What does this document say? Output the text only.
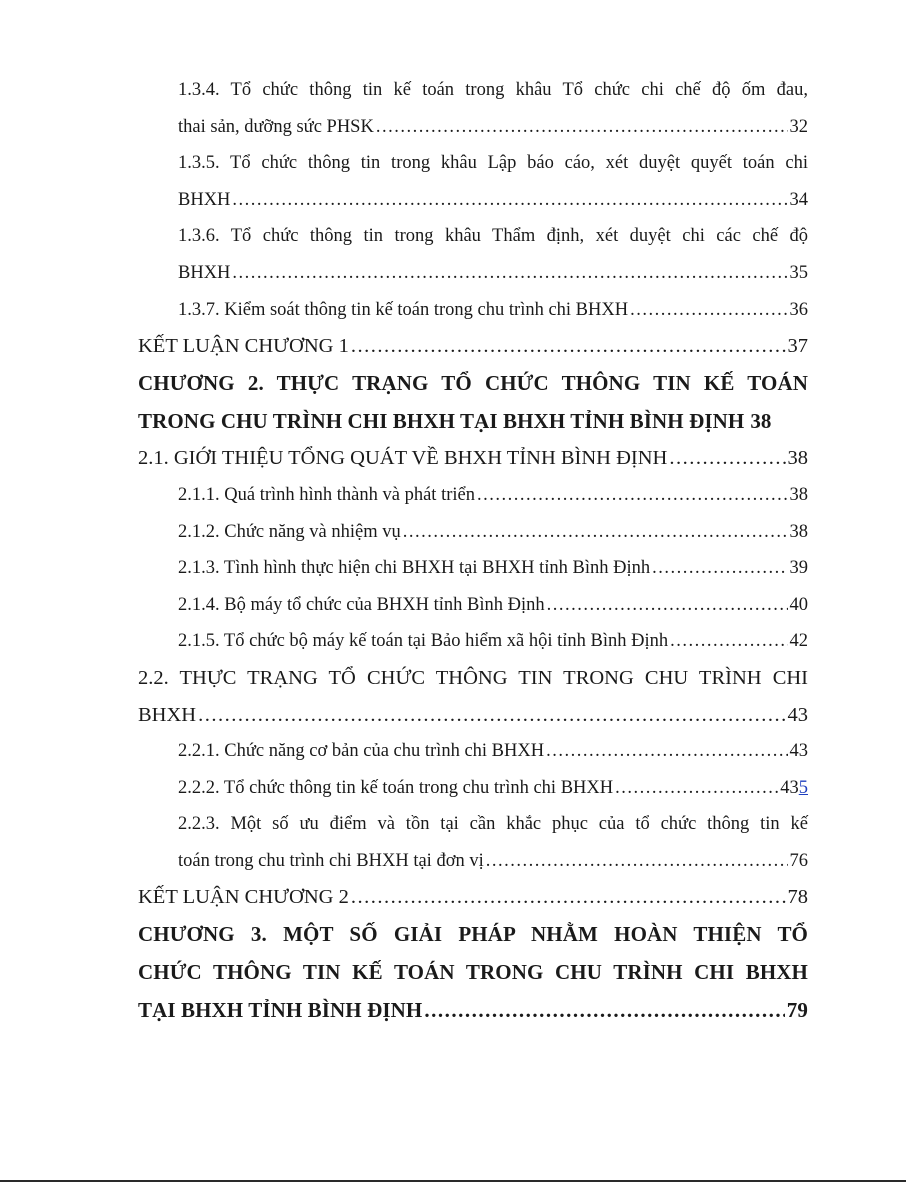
1.3.4. Tổ chức thông tin kế toán trong khâu Tổ chức chi chế độ ốm đau,
thai sản, dưỡng sức PHSK .....	32
1.3.5. Tổ chức thông tin trong khâu Lập báo cáo, xét duyệt quyết toán chi
BHXH .....	34
1.3.6. Tổ chức thông tin trong khâu Thẩm định, xét duyệt chi các chế độ
BHXH .....	35
1.3.7. Kiểm soát thông tin kế toán trong chu trình chi BHXH .....	36
KẾT LUẬN CHƯƠNG 1 .....	37
CHƯƠNG 2. THỰC TRẠNG TỔ CHỨC THÔNG TIN KẾ TOÁN
TRONG CHU TRÌNH CHI BHXH TẠI BHXH TỈNH BÌNH ĐỊNH 38
2.1. GIỚI THIỆU TỔNG QUÁT VỀ BHXH TỈNH BÌNH ĐỊNH .....	38
2.1.1. Quá trình hình thành và phát triển .....	38
2.1.2. Chức năng và nhiệm vụ .....	38
2.1.3. Tình hình thực hiện chi BHXH tại BHXH tỉnh Bình Định .....	39
2.1.4. Bộ máy tổ chức của BHXH tỉnh Bình Định .....	40
2.1.5. Tổ chức bộ máy kế toán tại Bảo hiểm xã hội tỉnh Bình Định .....	42
2.2. THỰC TRẠNG TỔ CHỨC THÔNG TIN TRONG CHU TRÌNH CHI
BHXH .....	43
2.2.1. Chức năng cơ bản của chu trình chi BHXH .....	43
2.2.2. Tổ chức thông tin kế toán trong chu trình chi BHXH .....	435
2.2.3. Một số ưu điểm và tồn tại cần khắc phục của tổ chức thông tin kế
toán trong chu trình chi BHXH tại đơn vị .....	76
KẾT LUẬN CHƯƠNG 2 .....	78
CHƯƠNG 3. MỘT SỐ GIẢI PHÁP NHẰM HOÀN THIỆN TỔ
CHỨC THÔNG TIN KẾ TOÁN TRONG CHU TRÌNH CHI BHXH
TẠI BHXH TỈNH BÌNH ĐỊNH .....	79
